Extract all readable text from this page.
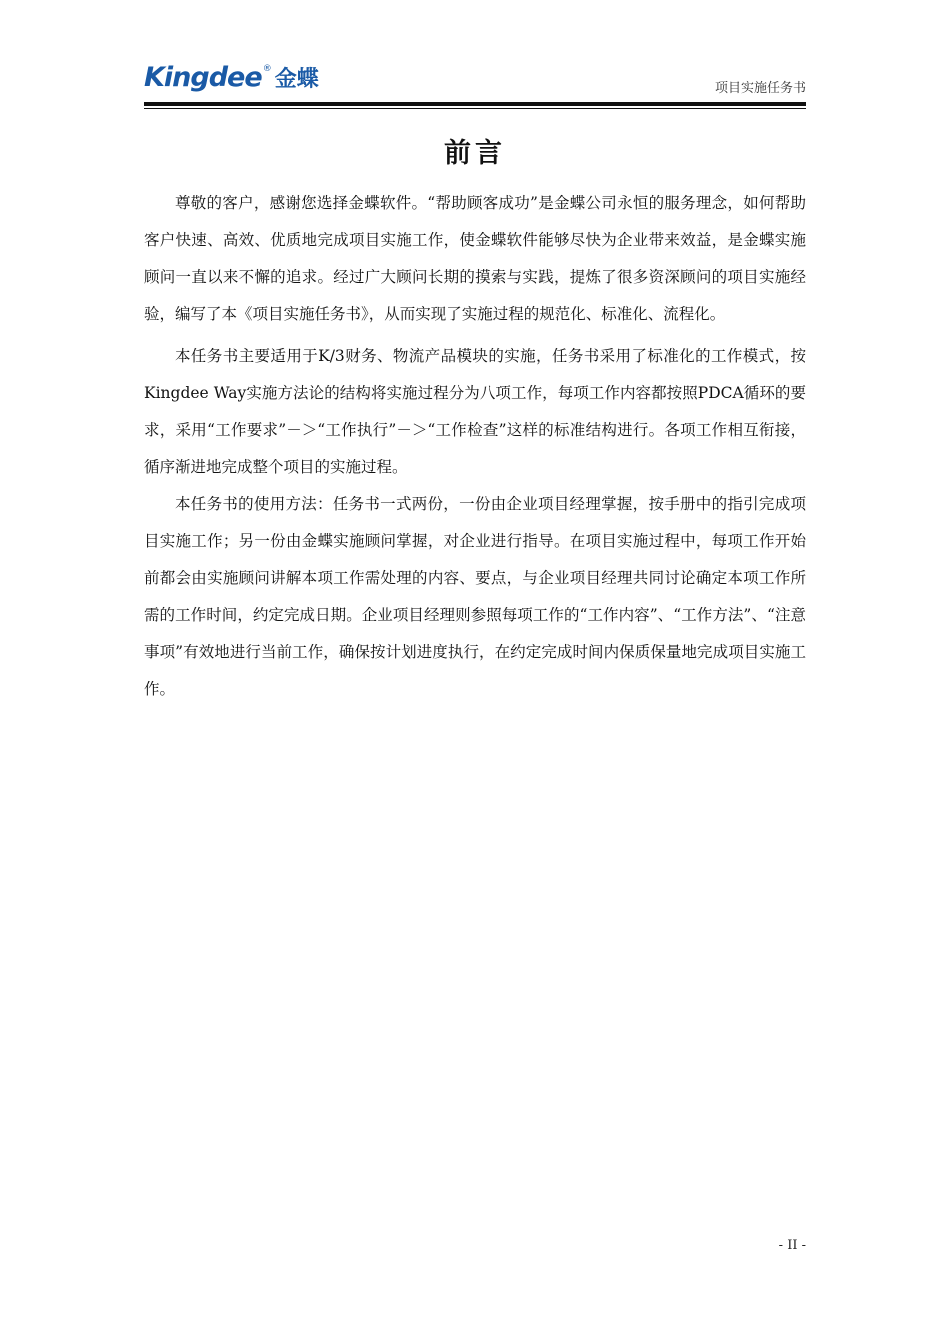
Kingdee ® 金蝶	项目实施任务书
前言

尊敬的客户，感谢您选择金蝶软件。“帮助顾客成功”是金蝶公司永恒的服务理念，如何帮助客户快速、高效、优质地完成项目实施工作，使金蝶软件能够尽快为企业带来效益，是金蝶实施顾问一直以来不懈的追求。经过广大顾问长期的摸索与实践，提炼了很多资深顾问的项目实施经验，编写了本《项目实施任务书》，从而实现了实施过程的规范化、标准化、流程化。

本任务书主要适用于K/3财务、物流产品模块的实施，任务书采用了标准化的工作模式，按Kingdee Way实施方法论的结构将实施过程分为八项工作，每项工作内容都按照PDCA循环的要求，采用“工作要求”－＞“工作执行”－＞“工作检查”这样的标准结构进行。各项工作相互衔接，循序渐进地完成整个项目的实施过程。

本任务书的使用方法：任务书一式两份，一份由企业项目经理掌握，按手册中的指引完成项目实施工作；另一份由金蝶实施顾问掌握，对企业进行指导。在项目实施过程中，每项工作开始前都会由实施顾问讲解本项工作需处理的内容、要点，与企业项目经理共同讨论确定本项工作所需的工作时间，约定完成日期。企业项目经理则参照每项工作的“工作内容”、“工作方法”、“注意事项”有效地进行当前工作，确保按计划进度执行，在约定完成时间内保质保量地完成项目实施工作。

- II -
